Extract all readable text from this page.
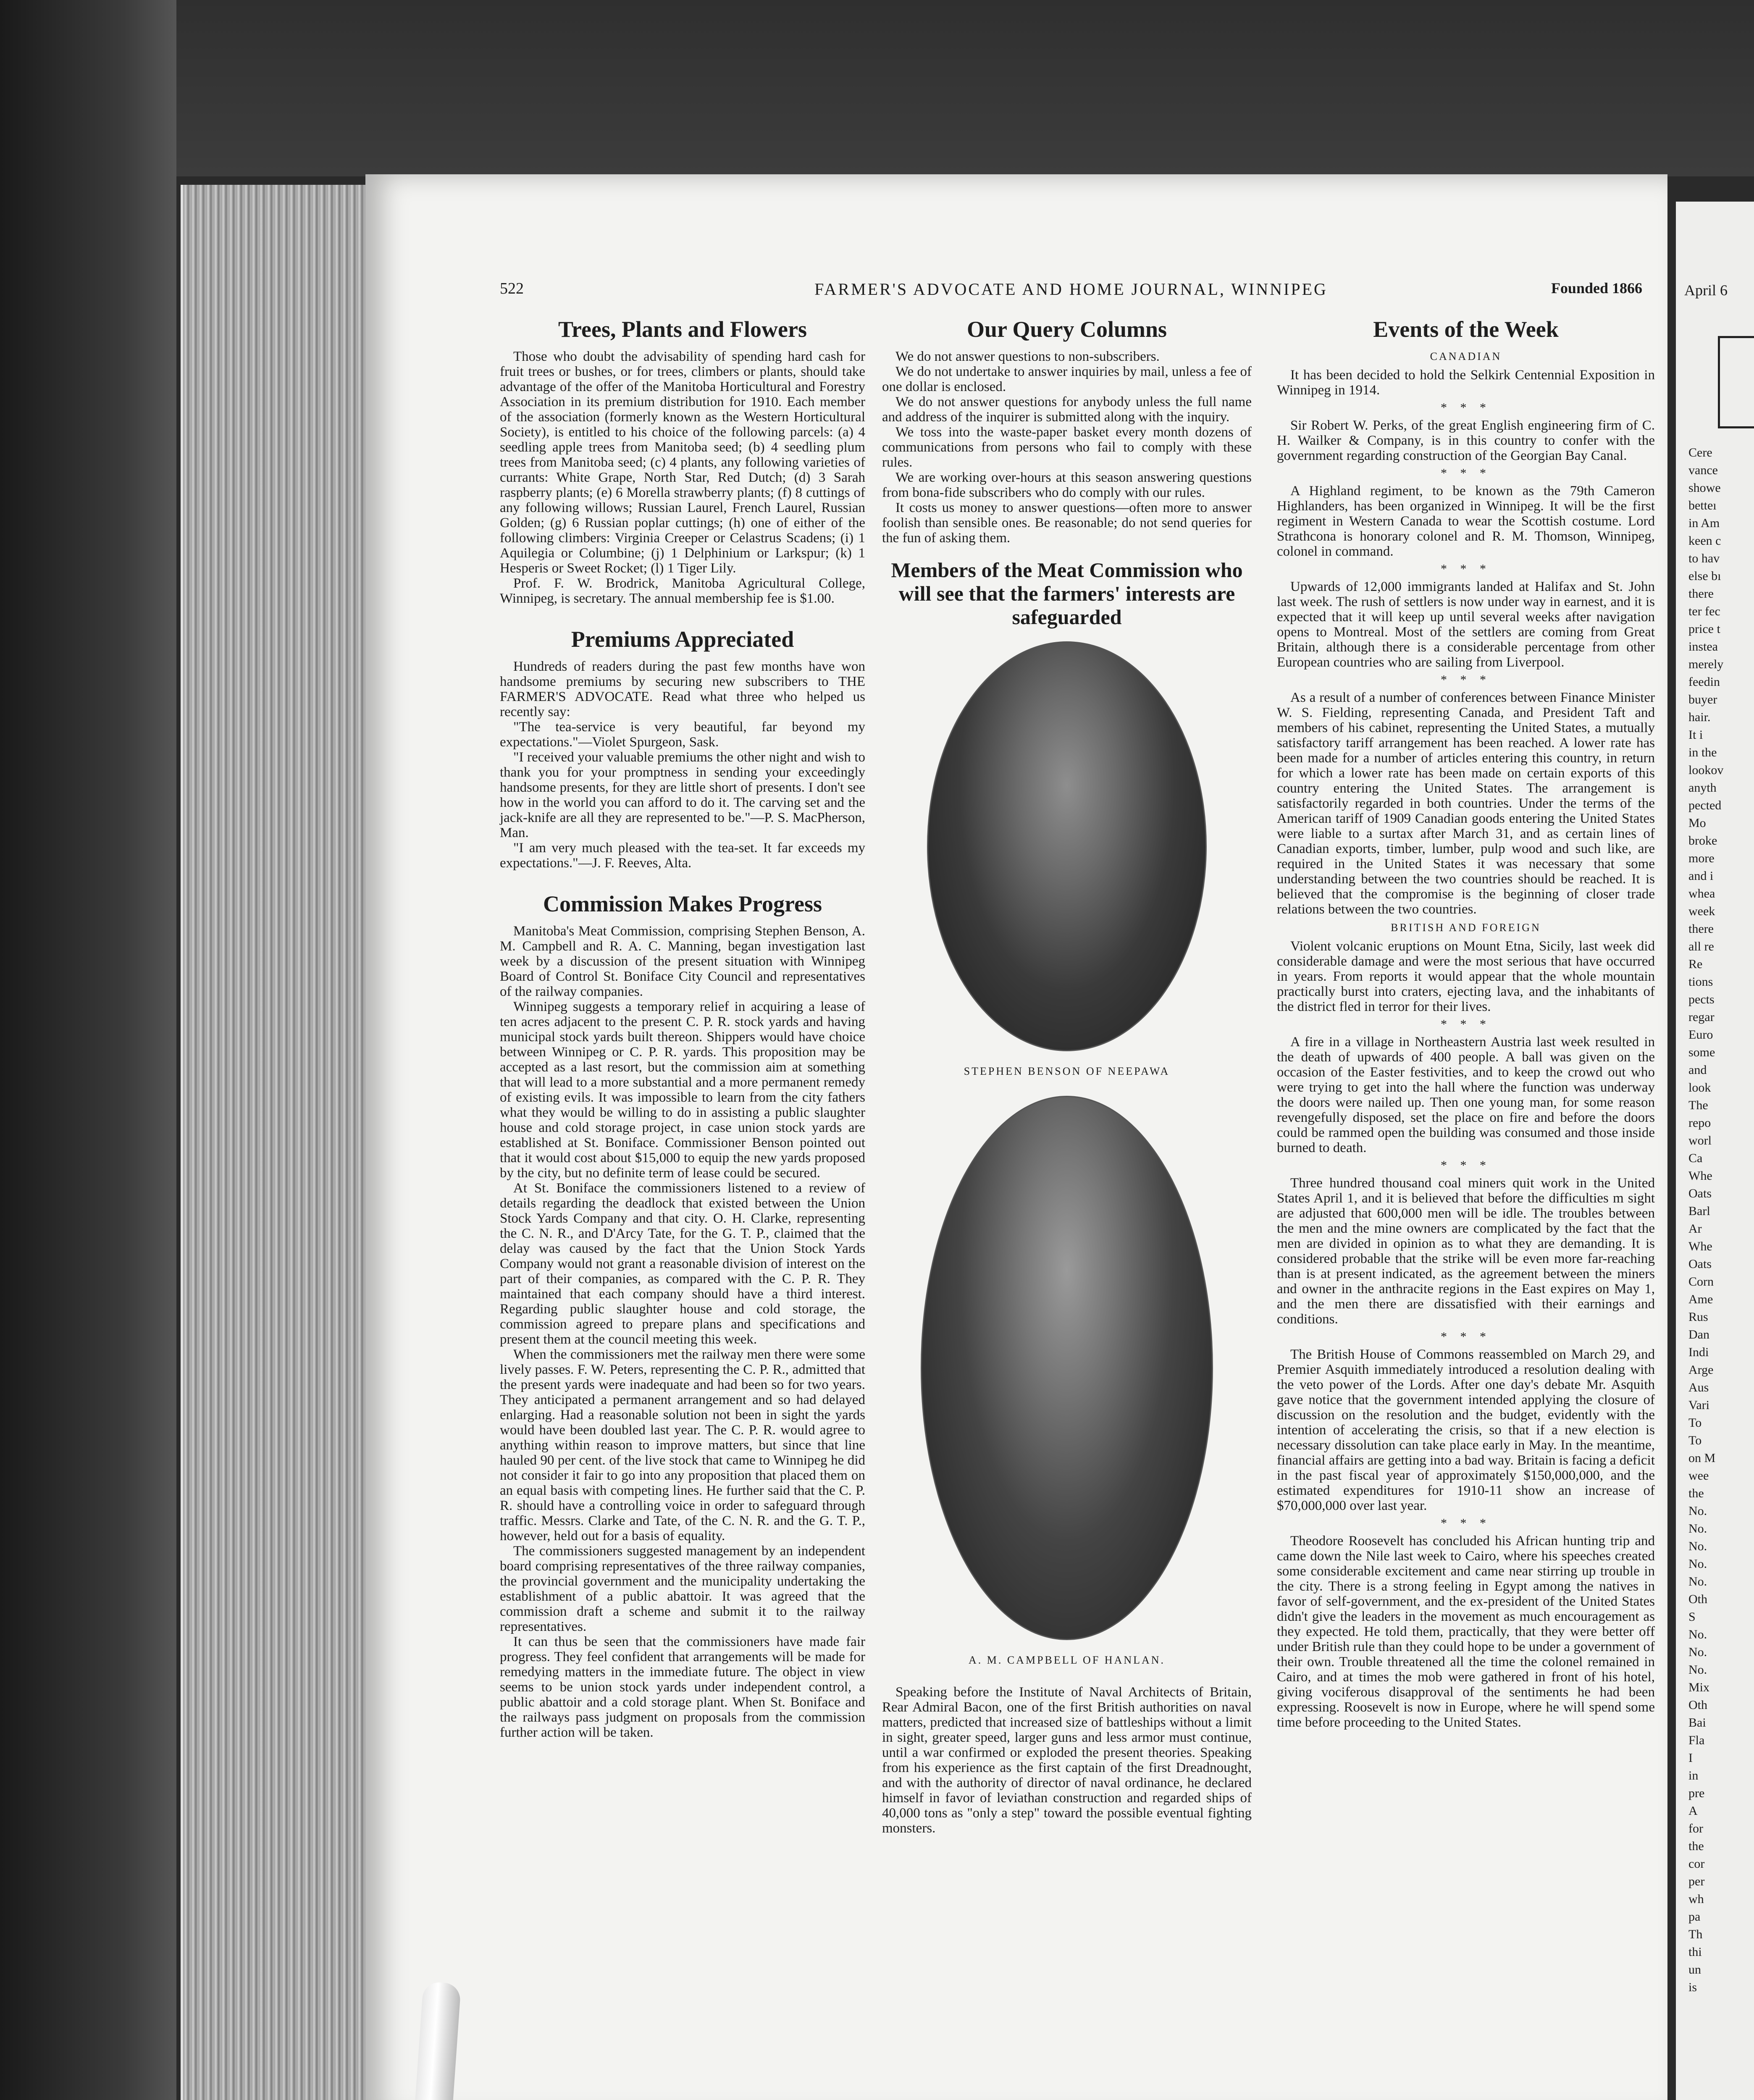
April 6
Cere
vance
showe
betteı
in Am
keen c
to hav
else bı
there
ter fec
price t
instea
merely
feedin
buyer
hair.
It i
in the
lookov
anyth
pected
Mo
broke
more
and i
whea
week
there
all re
Re
tions
pects
regar
Euro
some
and
look
The
repo
worl
Ca
Whe
Oats
Barl
Ar
Whe
Oats
Corn
Ame
Rus
Dan
Indi
Arge
Aus
Vari
To
To
on M
wee
the
No.
No.
No.
No.
No.
Oth
S
No.
No.
No.
Mix
Oth
Bai
Fla
I
in
pre
A
for
the
cor
per
wh
pa
Th
thi
un
is
522	FARMER'S ADVOCATE AND HOME JOURNAL, WINNIPEG	Founded 1866
Trees, Plants and Flowers

Those who doubt the advisability of spending hard cash for fruit trees or bushes, or for trees, climbers or plants, should take advantage of the offer of the Manitoba Horticultural and Forestry Association in its premium distribution for 1910. Each member of the association (formerly known as the Western Horticultural Society), is entitled to his choice of the following parcels: (a) 4 seedling apple trees from Manitoba seed; (b) 4 seedling plum trees from Manitoba seed; (c) 4 plants, any following varieties of currants: White Grape, North Star, Red Dutch; (d) 3 Sarah raspberry plants; (e) 6 Morella strawberry plants; (f) 8 cuttings of any following willows; Russian Laurel, French Laurel, Russian Golden; (g) 6 Russian poplar cuttings; (h) one of either of the following climbers: Virginia Creeper or Celastrus Scadens; (i) 1 Aquilegia or Columbine; (j) 1 Delphinium or Larkspur; (k) 1 Hesperis or Sweet Rocket; (l) 1 Tiger Lily.

Prof. F. W. Brodrick, Manitoba Agricultural College, Winnipeg, is secretary. The annual membership fee is $1.00.

Premiums Appreciated

Hundreds of readers during the past few months have won handsome premiums by securing new subscribers to THE FARMER'S ADVOCATE. Read what three who helped us recently say:

"The tea-service is very beautiful, far beyond my expectations."—Violet Spurgeon, Sask.

"I received your valuable premiums the other night and wish to thank you for your promptness in sending your exceedingly handsome presents, for they are little short of presents. I don't see how in the world you can afford to do it. The carving set and the jack-knife are all they are represented to be."—P. S. MacPherson, Man.

"I am very much pleased with the tea-set. It far exceeds my expectations."—J. F. Reeves, Alta.

Commission Makes Progress

Manitoba's Meat Commission, comprising Stephen Benson, A. M. Campbell and R. A. C. Manning, began investigation last week by a discussion of the present situation with Winnipeg Board of Control St. Boniface City Council and representatives of the railway companies.

Winnipeg suggests a temporary relief in acquiring a lease of ten acres adjacent to the present C. P. R. stock yards and having municipal stock yards built thereon. Shippers would have choice between Winnipeg or C. P. R. yards. This proposition may be accepted as a last resort, but the commission aim at something that will lead to a more substantial and a more permanent remedy of existing evils. It was impossible to learn from the city fathers what they would be willing to do in assisting a public slaughter house and cold storage project, in case union stock yards are established at St. Boniface. Commissioner Benson pointed out that it would cost about $15,000 to equip the new yards proposed by the city, but no definite term of lease could be secured.

At St. Boniface the commissioners listened to a review of details regarding the deadlock that existed between the Union Stock Yards Company and that city. O. H. Clarke, representing the C. N. R., and D'Arcy Tate, for the G. T. P., claimed that the delay was caused by the fact that the Union Stock Yards Company would not grant a reasonable division of interest on the part of their companies, as compared with the C. P. R. They maintained that each company should have a third interest. Regarding public slaughter house and cold storage, the commission agreed to prepare plans and specifications and present them at the council meeting this week.

When the commissioners met the railway men there were some lively passes. F. W. Peters, representing the C. P. R., admitted that the present yards were inadequate and had been so for two years. They anticipated a permanent arrangement and so had delayed enlarging. Had a reasonable solution not been in sight the yards would have been doubled last year. The C. P. R. would agree to anything within reason to improve matters, but since that line hauled 90 per cent. of the live stock that came to Winnipeg he did not consider it fair to go into any proposition that placed them on an equal basis with competing lines. He further said that the C. P. R. should have a controlling voice in order to safeguard through traffic. Messrs. Clarke and Tate, of the C. N. R. and the G. T. P., however, held out for a basis of equality.

The commissioners suggested management by an independent board comprising representatives of the three railway companies, the provincial government and the municipality undertaking the establishment of a public abattoir. It was agreed that the commission draft a scheme and submit it to the railway representatives.

It can thus be seen that the commissioners have made fair progress. They feel confident that arrangements will be made for remedying matters in the immediate future. The object in view seems to be union stock yards under independent control, a public abattoir and a cold storage plant. When St. Boniface and the railways pass judgment on proposals from the commission further action will be taken.

Our Query Columns

We do not answer questions to non-subscribers.

We do not undertake to answer inquiries by mail, unless a fee of one dollar is enclosed.

We do not answer questions for anybody unless the full name and address of the inquirer is submitted along with the inquiry.

We toss into the waste-paper basket every month dozens of communications from persons who fail to comply with these rules.

We are working over-hours at this season answering questions from bona-fide subscribers who do comply with our rules.

It costs us money to answer questions—often more to answer foolish than sensible ones. Be reasonable; do not send queries for the fun of asking them.

Members of the Meat Commission who will see that the farmers' interests are safeguarded
STEPHEN BENSON OF NEEPAWA
A. M. CAMPBELL OF HANLAN.

Speaking before the Institute of Naval Architects of Britain, Rear Admiral Bacon, one of the first British authorities on naval matters, predicted that increased size of battleships without a limit in sight, greater speed, larger guns and less armor must continue, until a war confirmed or exploded the present theories. Speaking from his experience as the first captain of the first Dreadnought, and with the authority of director of naval ordinance, he declared himself in favor of leviathan construction and regarded ships of 40,000 tons as "only a step" toward the possible eventual fighting monsters.

Events of the Week
CANADIAN

It has been decided to hold the Selkirk Centennial Exposition in Winnipeg in 1914.

* * *

Sir Robert W. Perks, of the great English engineering firm of C. H. Wailker & Company, is in this country to confer with the government regarding construction of the Georgian Bay Canal.

* * *

A Highland regiment, to be known as the 79th Cameron Highlanders, has been organized in Winnipeg. It will be the first regiment in Western Canada to wear the Scottish costume. Lord Strathcona is honorary colonel and R. M. Thomson, Winnipeg, colonel in command.

* * *

Upwards of 12,000 immigrants landed at Halifax and St. John last week. The rush of settlers is now under way in earnest, and it is expected that it will keep up until several weeks after navigation opens to Montreal. Most of the settlers are coming from Great Britain, although there is a considerable percentage from other European countries who are sailing from Liverpool.

* * *

As a result of a number of conferences between Finance Minister W. S. Fielding, representing Canada, and President Taft and members of his cabinet, representing the United States, a mutually satisfactory tariff arrangement has been reached. A lower rate has been made for a number of articles entering this country, in return for which a lower rate has been made on certain exports of this country entering the United States. The arrangement is satisfactorily regarded in both countries. Under the terms of the American tariff of 1909 Canadian goods entering the United States were liable to a surtax after March 31, and as certain lines of Canadian exports, timber, lumber, pulp wood and such like, are required in the United States it was necessary that some understanding between the two countries should be reached. It is believed that the compromise is the beginning of closer trade relations between the two countries.

BRITISH AND FOREIGN

Violent volcanic eruptions on Mount Etna, Sicily, last week did considerable damage and were the most serious that have occurred in years. From reports it would appear that the whole mountain practically burst into craters, ejecting lava, and the inhabitants of the district fled in terror for their lives.

* * *

A fire in a village in Northeastern Austria last week resulted in the death of upwards of 400 people. A ball was given on the occasion of the Easter festivities, and to keep the crowd out who were trying to get into the hall where the function was underway the doors were nailed up. Then one young man, for some reason revengefully disposed, set the place on fire and before the doors could be rammed open the building was consumed and those inside burned to death.

* * *

Three hundred thousand coal miners quit work in the United States April 1, and it is believed that before the difficulties m sight are adjusted that 600,000 men will be idle. The troubles between the men and the mine owners are complicated by the fact that the men are divided in opinion as to what they are demanding. It is considered probable that the strike will be even more far-reaching than is at present indicated, as the agreement between the miners and owner in the anthracite regions in the East expires on May 1, and the men there are dissatisfied with their earnings and conditions.

* * *

The British House of Commons reassembled on March 29, and Premier Asquith immediately introduced a resolution dealing with the veto power of the Lords. After one day's debate Mr. Asquith gave notice that the government intended applying the closure of discussion on the resolution and the budget, evidently with the intention of accelerating the crisis, so that if a new election is necessary dissolution can take place early in May. In the meantime, financial affairs are getting into a bad way. Britain is facing a deficit in the past fiscal year of approximately $150,000,000, and the estimated expenditures for 1910-11 show an increase of $70,000,000 over last year.

* * *

Theodore Roosevelt has concluded his African hunting trip and came down the Nile last week to Cairo, where his speeches created some considerable excitement and came near stirring up trouble in the city. There is a strong feeling in Egypt among the natives in favor of self-government, and the ex-president of the United States didn't give the leaders in the movement as much encouragement as they expected. He told them, practically, that they were better off under British rule than they could hope to be under a government of their own. Trouble threatened all the time the colonel remained in Cairo, and at times the mob were gathered in front of his hotel, giving vociferous disapproval of the sentiments he had been expressing. Roosevelt is now in Europe, where he will spend some time before proceeding to the United States.
